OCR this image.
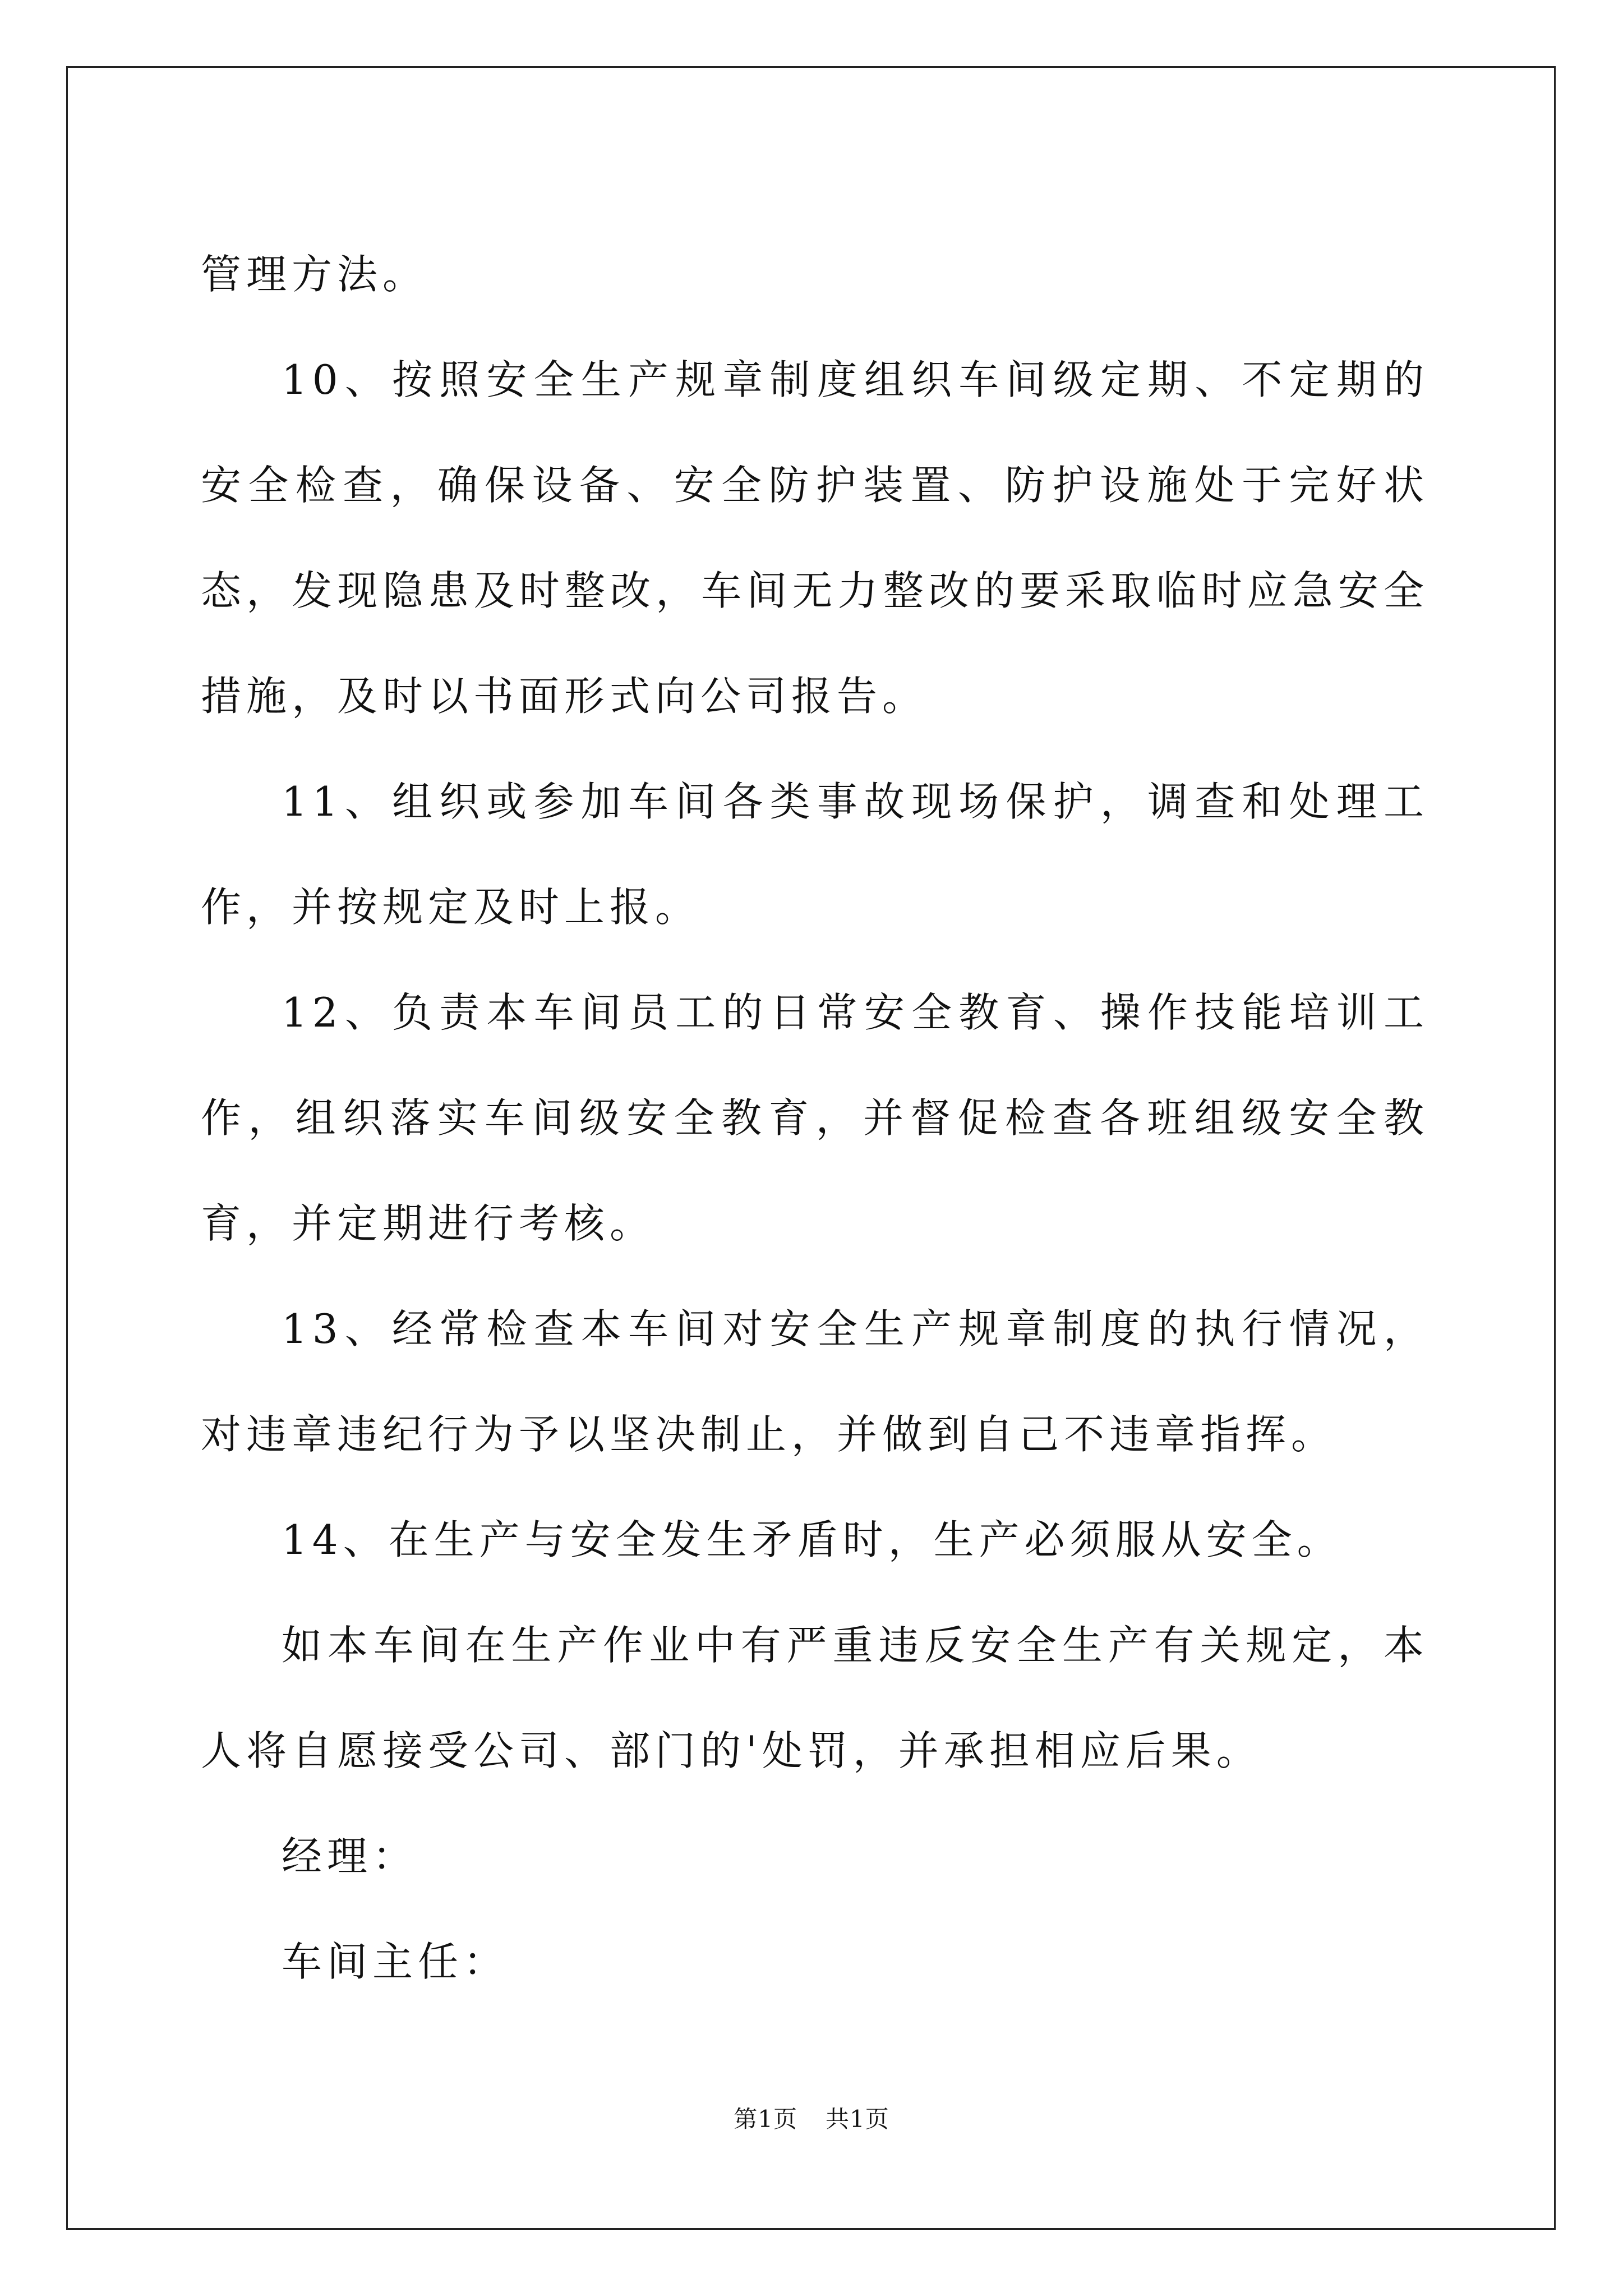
管理方法。

10、按照安全生产规章制度组织车间级定期、不定期的安全检查，确保设备、安全防护装置、防护设施处于完好状态，发现隐患及时整改，车间无力整改的要采取临时应急安全措施，及时以书面形式向公司报告。

11、组织或参加车间各类事故现场保护，调查和处理工作，并按规定及时上报。

12、负责本车间员工的日常安全教育、操作技能培训工作，组织落实车间级安全教育，并督促检查各班组级安全教育，并定期进行考核。

13、经常检查本车间对安全生产规章制度的执行情况，对违章违纪行为予以坚决制止，并做到自己不违章指挥。

14、在生产与安全发生矛盾时，生产必须服从安全。

如本车间在生产作业中有严重违反安全生产有关规定，本人将自愿接受公司、部门的'处罚，并承担相应后果。

经理：

车间主任：

第1页 共1页
